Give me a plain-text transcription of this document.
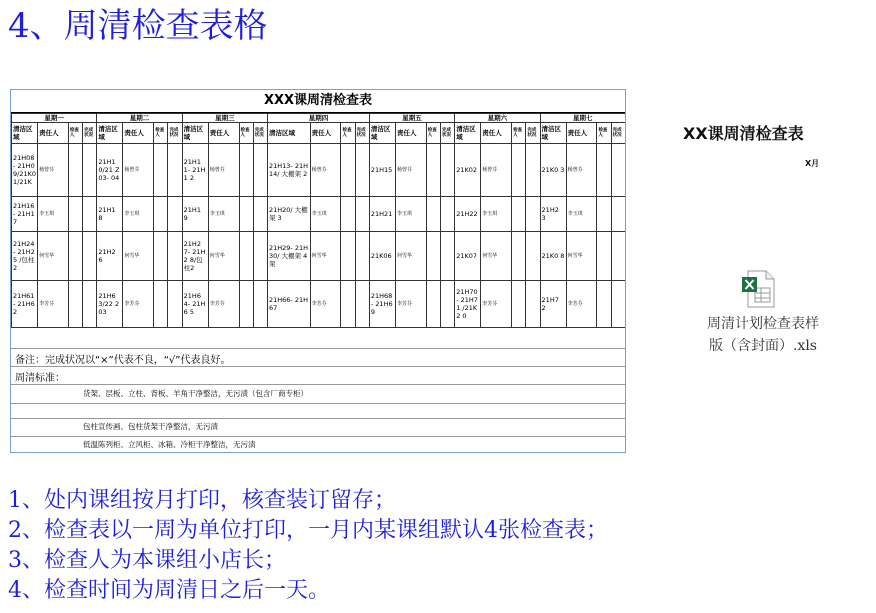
4、周清检查表格
XXX课周清检查表
星期一				星期二				星期三				星期四				星期五				星期六				星期七			
清洁区域	责任人	检查人	完成状况	清洁区域	责任人	检查人	完成状况	清洁区域	责任人	检查人	完成状况	清洁区域	责任人	检查人	完成状况	清洁区域	责任人	检查人	完成状况	清洁区域	责任人	检查人	完成状况	清洁区域	责任人	检查人	完成状况
21H08 - 21H09/21K0 1/21K	杨曾芬			21H1 0/21 Z03- 04	杨曾芬			21H1 1- 21H1 2	杨曾芬			21H13- 21H14/ 大棚架 2	杨曾芬			21H15	杨曾芬			21K02	杨曾芬			21K0 3	杨曾芬		
21H16 - 21H17	李玉琪			21H1 8	李玉琪			21H1 9	李玉琪			21H20/ 大棚架 3	李玉琪			21H21	李玉琪			21H22	李玉琪			21H2 3	李玉琪		
21H24 - 21H25 /包柱 2	何雪华			21H2 6	何雪华			21H2 7- 21H2 8/包 柱2	何雪华			21H29- 21H30/ 大棚架 4架	何雪华			21K06	何雪华			21K07	何雪华			21K0 8	何雪华		
21H61 - 21H62	李芳芬			21H6 3/22 203	李芳芬			21H6 4- 21H6 5	李芳芬			21H66- 21H67	李芳芬			21H68 - 21H69	李芳芬			21H70 - 21H71 /21K2 0	李芳芬			21H7 2	李芳芬		
备注：完成状况以“×”代表不良，“√”代表良好。
周清标准：
货架、层板、立柱、背板、羊角干净整洁，无污渍（包含厂商专柜）
包柱宣传画、包柱货架干净整洁，无污渍
低温陈列柜、立风柜、冰箱、冷柜干净整洁，无污渍
XX课周清检查表
X月
周清计划检查表样
版（含封面）.xls
1、处内课组按月打印，核查装订留存；
2、检查表以一周为单位打印，一月内某课组默认4张检查表；
3、检查人为本课组小店长；
4、检查时间为周清日之后一天。
